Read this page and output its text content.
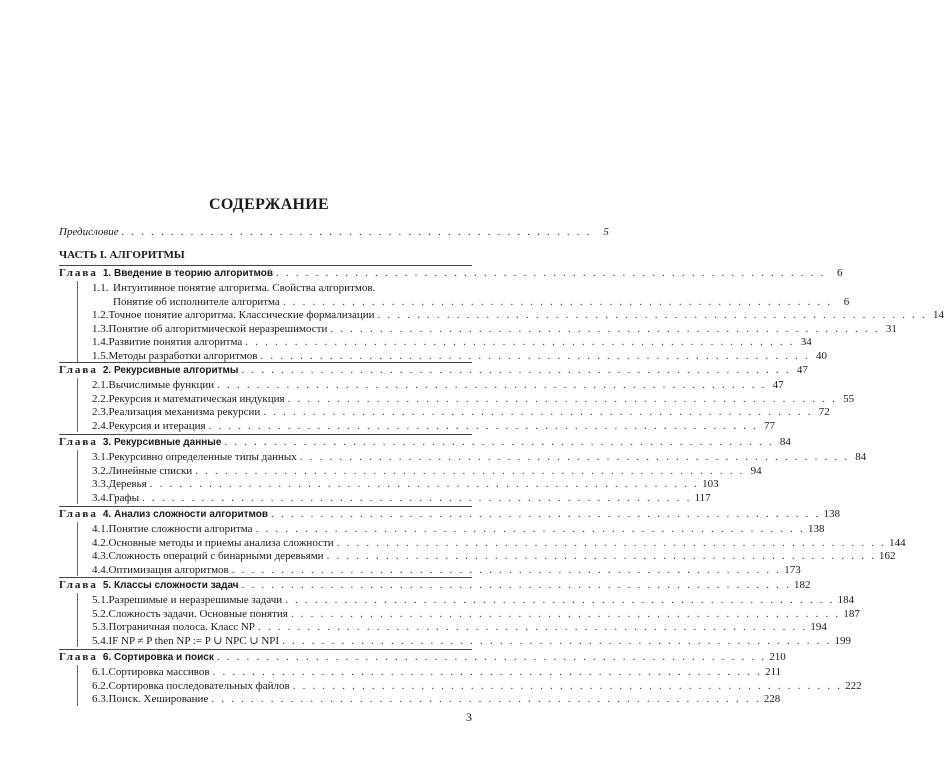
СОДЕРЖАНИЕ
Предисловие . . . . . . . . . . . . . . . . . . . . . . . . . . . . . . . . . . . . . . . . . . . . . . . .	5
ЧАСТЬ I. АЛГОРИТМЫ
Глава 1. Введение в теорию алгоритмов . . . . . . . . . . . . . . . . . . . . . . . . . . . . . . . . . . . . . . . . . . . . . . . . . . . . . . . .	6
1.1. Интуитивное понятие алгоритма. Свойства алгоритмов.
Понятие об исполнителе алгоритма . . . . . . . . . . . . . . . . . . . . . . . . . . . . . . . . . . . . . . . . . . . . . . . . . . . . . . . .	6
1.2. Точное понятие алгоритма. Классические формализации . . . . . . . . . . . . . . . . . . . . . . . . . . . . . . . . . . . . . . . . . . . . . . . . . . . . . . . . 14
1.3. Понятие об алгоритмической неразрешимости . . . . . . . . . . . . . . . . . . . . . . . . . . . . . . . . . . . . . . . . . . . . . . . . . . . . . . . . 31
1.4. Развитие понятия алгоритма . . . . . . . . . . . . . . . . . . . . . . . . . . . . . . . . . . . . . . . . . . . . . . . . . . . . . . . . 34
1.5. Методы разработки алгоритмов . . . . . . . . . . . . . . . . . . . . . . . . . . . . . . . . . . . . . . . . . . . . . . . . . . . . . . . . 40
Глава 2. Рекурсивные алгоритмы . . . . . . . . . . . . . . . . . . . . . . . . . . . . . . . . . . . . . . . . . . . . . . . . . . . . . . . . 47
2.1. Вычислимые функции . . . . . . . . . . . . . . . . . . . . . . . . . . . . . . . . . . . . . . . . . . . . . . . . . . . . . . . . 47
2.2. Рекурсия и математическая индукция . . . . . . . . . . . . . . . . . . . . . . . . . . . . . . . . . . . . . . . . . . . . . . . . . . . . . . . . 55
2.3. Реализация механизма рекурсии . . . . . . . . . . . . . . . . . . . . . . . . . . . . . . . . . . . . . . . . . . . . . . . . . . . . . . . . 72
2.4. Рекурсия и итерация . . . . . . . . . . . . . . . . . . . . . . . . . . . . . . . . . . . . . . . . . . . . . . . . . . . . . . . . 77
Глава 3. Рекурсивные данные . . . . . . . . . . . . . . . . . . . . . . . . . . . . . . . . . . . . . . . . . . . . . . . . . . . . . . . . 84
3.1. Рекурсивно определенные типы данных . . . . . . . . . . . . . . . . . . . . . . . . . . . . . . . . . . . . . . . . . . . . . . . . . . . . . . . . 84
3.2. Линейные списки . . . . . . . . . . . . . . . . . . . . . . . . . . . . . . . . . . . . . . . . . . . . . . . . . . . . . . . . 94
3.3. Деревья . . . . . . . . . . . . . . . . . . . . . . . . . . . . . . . . . . . . . . . . . . . . . . . . . . . . . . . . 103
3.4. Графы . . . . . . . . . . . . . . . . . . . . . . . . . . . . . . . . . . . . . . . . . . . . . . . . . . . . . . . . 117
Глава 4. Анализ сложности алгоритмов . . . . . . . . . . . . . . . . . . . . . . . . . . . . . . . . . . . . . . . . . . . . . . . . . . . . . . . . 138
4.1. Понятие сложности алгоритма . . . . . . . . . . . . . . . . . . . . . . . . . . . . . . . . . . . . . . . . . . . . . . . . . . . . . . . . 138
4.2. Основные методы и приемы анализа сложности . . . . . . . . . . . . . . . . . . . . . . . . . . . . . . . . . . . . . . . . . . . . . . . . . . . . . . . . 144
4.3. Сложность операций с бинарными деревьями . . . . . . . . . . . . . . . . . . . . . . . . . . . . . . . . . . . . . . . . . . . . . . . . . . . . . . . . 162
4.4. Оптимизация алгоритмов . . . . . . . . . . . . . . . . . . . . . . . . . . . . . . . . . . . . . . . . . . . . . . . . . . . . . . . . 173
Глава 5. Классы сложности задач . . . . . . . . . . . . . . . . . . . . . . . . . . . . . . . . . . . . . . . . . . . . . . . . . . . . . . . . 182
5.1. Разрешимые и неразрешимые задачи . . . . . . . . . . . . . . . . . . . . . . . . . . . . . . . . . . . . . . . . . . . . . . . . . . . . . . . . 184
5.2. Сложность задачи. Основные понятия . . . . . . . . . . . . . . . . . . . . . . . . . . . . . . . . . . . . . . . . . . . . . . . . . . . . . . . . 187
5.3. Пограничная полоса. Класс NP . . . . . . . . . . . . . . . . . . . . . . . . . . . . . . . . . . . . . . . . . . . . . . . . . . . . . . . . 194
5.4. IF NP ≠ P then NP := P ∪ NPC ∪ NPI . . . . . . . . . . . . . . . . . . . . . . . . . . . . . . . . . . . . . . . . . . . . . . . . . . . . . . . . 199
Глава 6. Сортировка и поиск . . . . . . . . . . . . . . . . . . . . . . . . . . . . . . . . . . . . . . . . . . . . . . . . . . . . . . . . 210
6.1. Сортировка массивов . . . . . . . . . . . . . . . . . . . . . . . . . . . . . . . . . . . . . . . . . . . . . . . . . . . . . . . . 211
6.2. Сортировка последовательных файлов . . . . . . . . . . . . . . . . . . . . . . . . . . . . . . . . . . . . . . . . . . . . . . . . . . . . . . . . 222
6.3. Поиск. Хеширование . . . . . . . . . . . . . . . . . . . . . . . . . . . . . . . . . . . . . . . . . . . . . . . . . . . . . . . . 228
3
